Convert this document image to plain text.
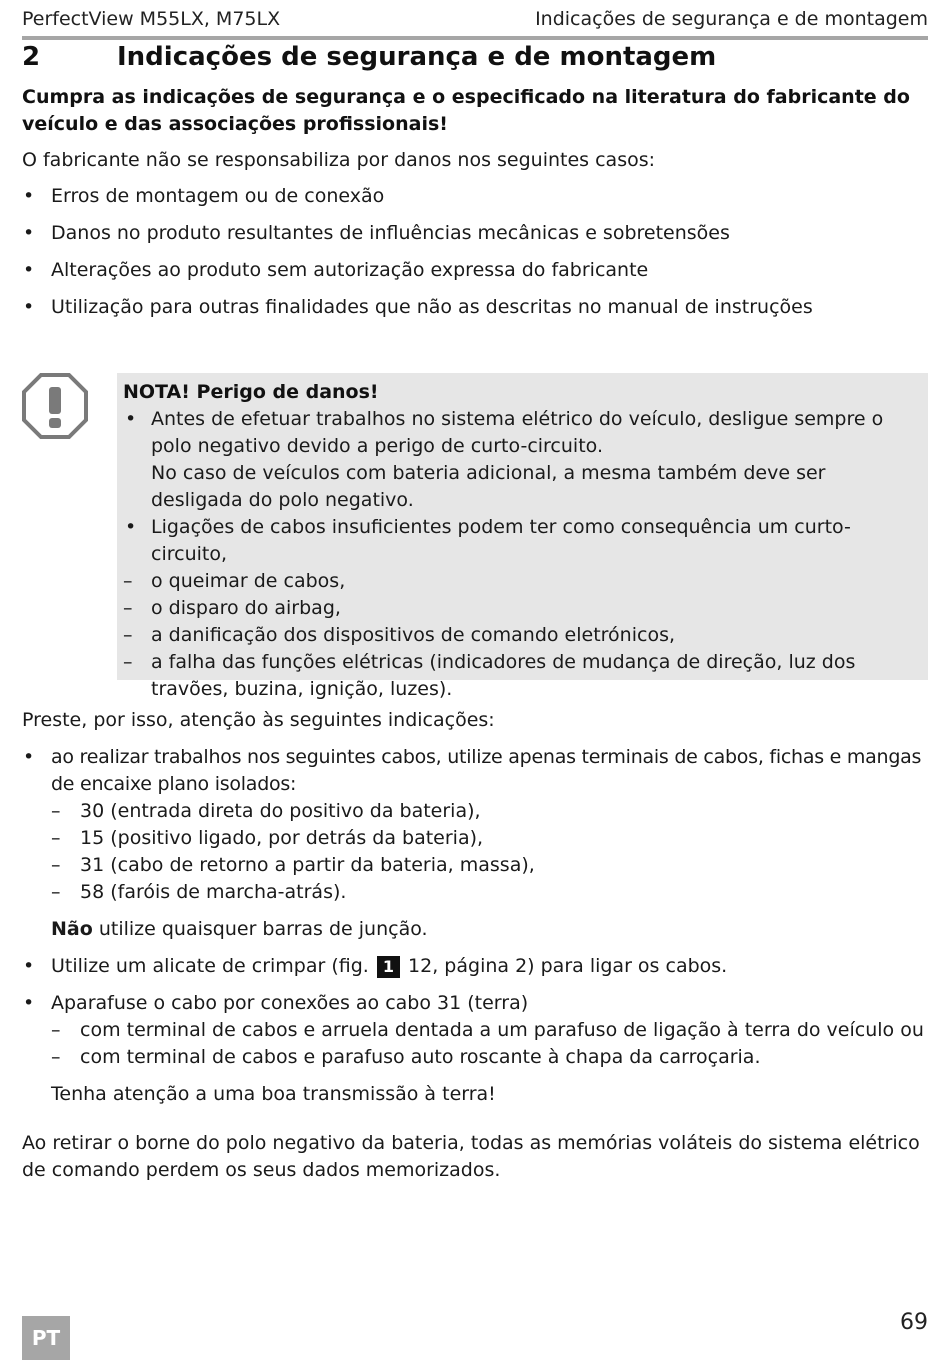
PerfectView M55LX, M75LX	Indicações de segurança e de montagem
2	Indicações de segurança e de montagem

Cumpra as indicações de segurança e o especificado na literatura do fabricante do veículo e das associações profissionais!

O fabricante não se responsabiliza por danos nos seguintes casos:

• Erros de montagem ou de conexão
• Danos no produto resultantes de influências mecânicas e sobretensões
• Alterações ao produto sem autorização expressa do fabricante
• Utilização para outras finalidades que não as descritas no manual de instruções
NOTA! Perigo de danos!
• Antes de efetuar trabalhos no sistema elétrico do veículo, desligue sempre o polo negativo devido a perigo de curto-circuito.
No caso de veículos com bateria adicional, a mesma também deve ser desligada do polo negativo.
• Ligações de cabos insuficientes podem ter como consequência um curto-circuito,
– o queimar de cabos,
– o disparo do airbag,
– a danificação dos dispositivos de comando eletrónicos,
– a falha das funções elétricas (indicadores de mudança de direção, luz dos travões, buzina, ignição, luzes).

Preste, por isso, atenção às seguintes indicações:

• ao realizar trabalhos nos seguintes cabos, utilize apenas terminais de cabos, fichas e mangas de encaixe plano isolados:
– 30 (entrada direta do positivo da bateria),
– 15 (positivo ligado, por detrás da bateria),
– 31 (cabo de retorno a partir da bateria, massa),
– 58 (faróis de marcha-atrás).
Não utilize quaisquer barras de junção.
• Utilize um alicate de crimpar (fig. 1 12, página 2) para ligar os cabos.
• Aparafuse o cabo por conexões ao cabo 31 (terra)
– com terminal de cabos e arruela dentada a um parafuso de ligação à terra do veículo ou
– com terminal de cabos e parafuso auto roscante à chapa da carroçaria.
Tenha atenção a uma boa transmissão à terra!

Ao retirar o borne do polo negativo da bateria, todas as memórias voláteis do sistema elétrico de comando perdem os seus dados memorizados.

PT
69
